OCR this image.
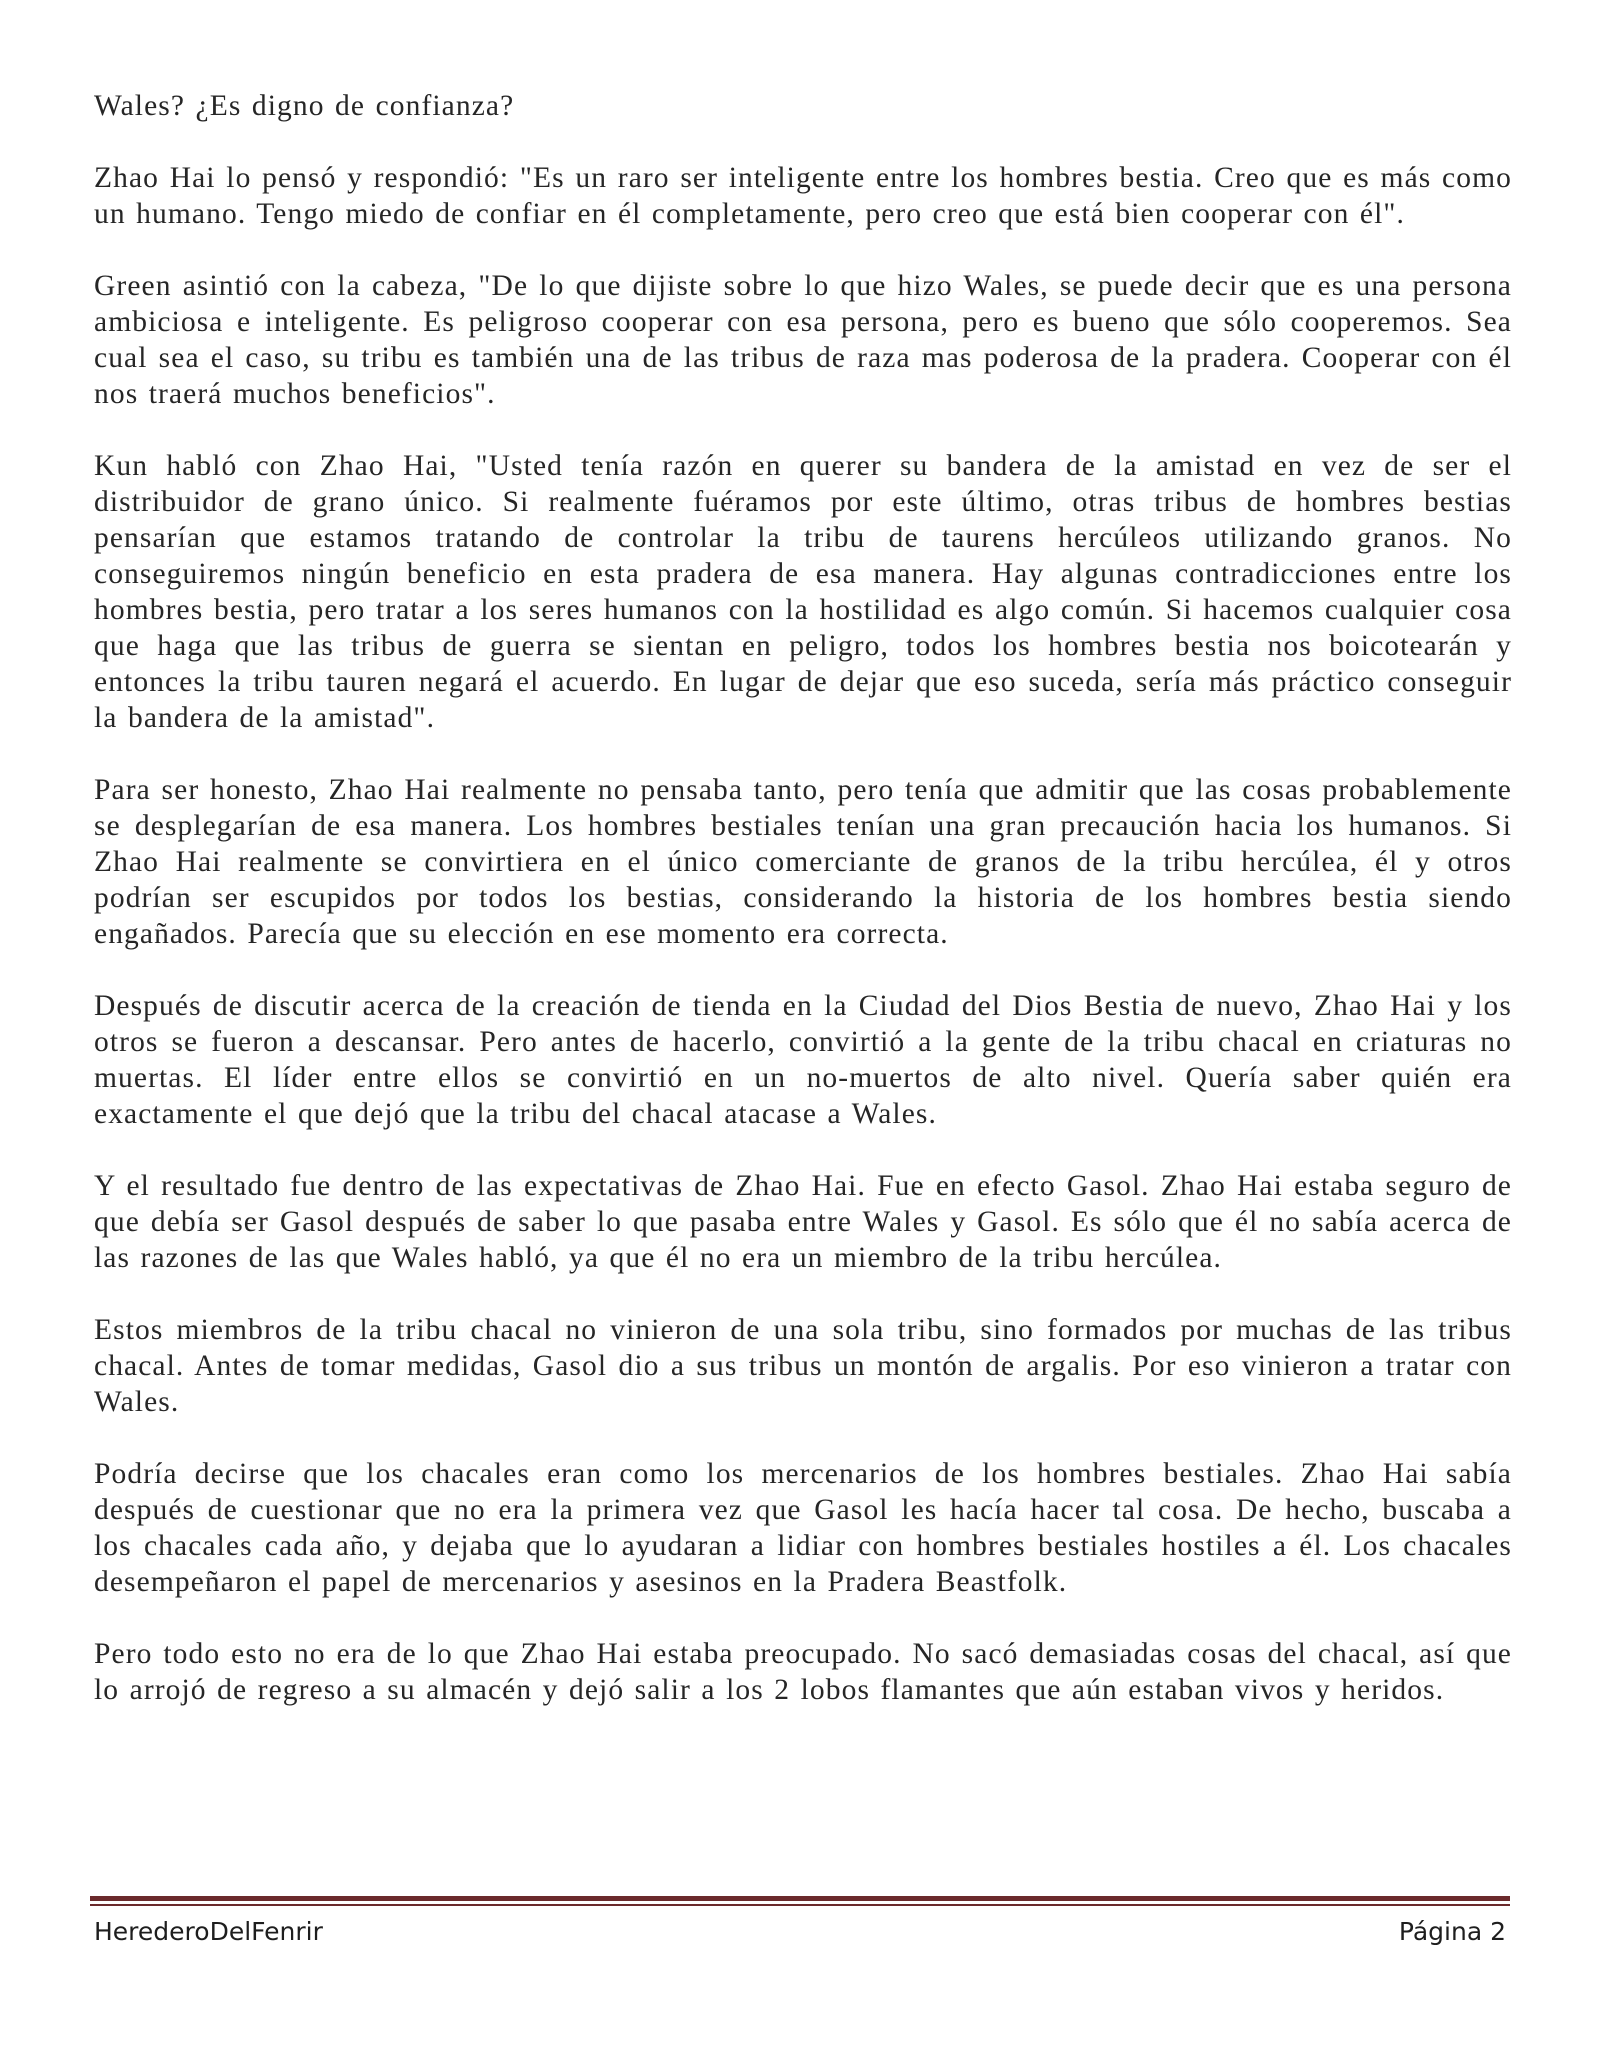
Wales? ¿Es digno de confianza?

Zhao Hai lo pensó y respondió: "Es un raro ser inteligente entre los hombres bestia. Creo que es más como un humano. Tengo miedo de confiar en él completamente, pero creo que está bien cooperar con él".

Green asintió con la cabeza, "De lo que dijiste sobre lo que hizo Wales, se puede decir que es una persona ambiciosa e inteligente. Es peligroso cooperar con esa persona, pero es bueno que sólo cooperemos. Sea cual sea el caso, su tribu es también una de las tribus de raza mas poderosa de la pradera. Cooperar con él nos traerá muchos beneficios".

Kun habló con Zhao Hai, "Usted tenía razón en querer su bandera de la amistad en vez de ser el distribuidor de grano único. Si realmente fuéramos por este último, otras tribus de hombres bestias pensarían que estamos tratando de controlar la tribu de taurens hercúleos utilizando granos. No conseguiremos ningún beneficio en esta pradera de esa manera. Hay algunas contradicciones entre los hombres bestia, pero tratar a los seres humanos con la hostilidad es algo común. Si hacemos cualquier cosa que haga que las tribus de guerra se sientan en peligro, todos los hombres bestia nos boicotearán y entonces la tribu tauren negará el acuerdo. En lugar de dejar que eso suceda, sería más práctico conseguir la bandera de la amistad".

Para ser honesto, Zhao Hai realmente no pensaba tanto, pero tenía que admitir que las cosas probablemente se desplegarían de esa manera. Los hombres bestiales tenían una gran precaución hacia los humanos. Si Zhao Hai realmente se convirtiera en el único comerciante de granos de la tribu hercúlea, él y otros podrían ser escupidos por todos los bestias, considerando la historia de los hombres bestia siendo engañados. Parecía que su elección en ese momento era correcta.

Después de discutir acerca de la creación de tienda en la Ciudad del Dios Bestia de nuevo, Zhao Hai y los otros se fueron a descansar. Pero antes de hacerlo, convirtió a la gente de la tribu chacal en criaturas no muertas. El líder entre ellos se convirtió en un no-muertos de alto nivel. Quería saber quién era exactamente el que dejó que la tribu del chacal atacase a Wales.

Y el resultado fue dentro de las expectativas de Zhao Hai. Fue en efecto Gasol. Zhao Hai estaba seguro de que debía ser Gasol después de saber lo que pasaba entre Wales y Gasol. Es sólo que él no sabía acerca de las razones de las que Wales habló, ya que él no era un miembro de la tribu hercúlea.

Estos miembros de la tribu chacal no vinieron de una sola tribu, sino formados por muchas de las tribus chacal. Antes de tomar medidas, Gasol dio a sus tribus un montón de argalis. Por eso vinieron a tratar con Wales.

Podría decirse que los chacales eran como los mercenarios de los hombres bestiales. Zhao Hai sabía después de cuestionar que no era la primera vez que Gasol les hacía hacer tal cosa. De hecho, buscaba a los chacales cada año, y dejaba que lo ayudaran a lidiar con hombres bestiales hostiles a él. Los chacales desempeñaron el papel de mercenarios y asesinos en la Pradera Beastfolk.

Pero todo esto no era de lo que Zhao Hai estaba preocupado. No sacó demasiadas cosas del chacal, así que lo arrojó de regreso a su almacén y dejó salir a los 2 lobos flamantes que aún estaban vivos y heridos.

HerederoDelFenrir	Página 2
